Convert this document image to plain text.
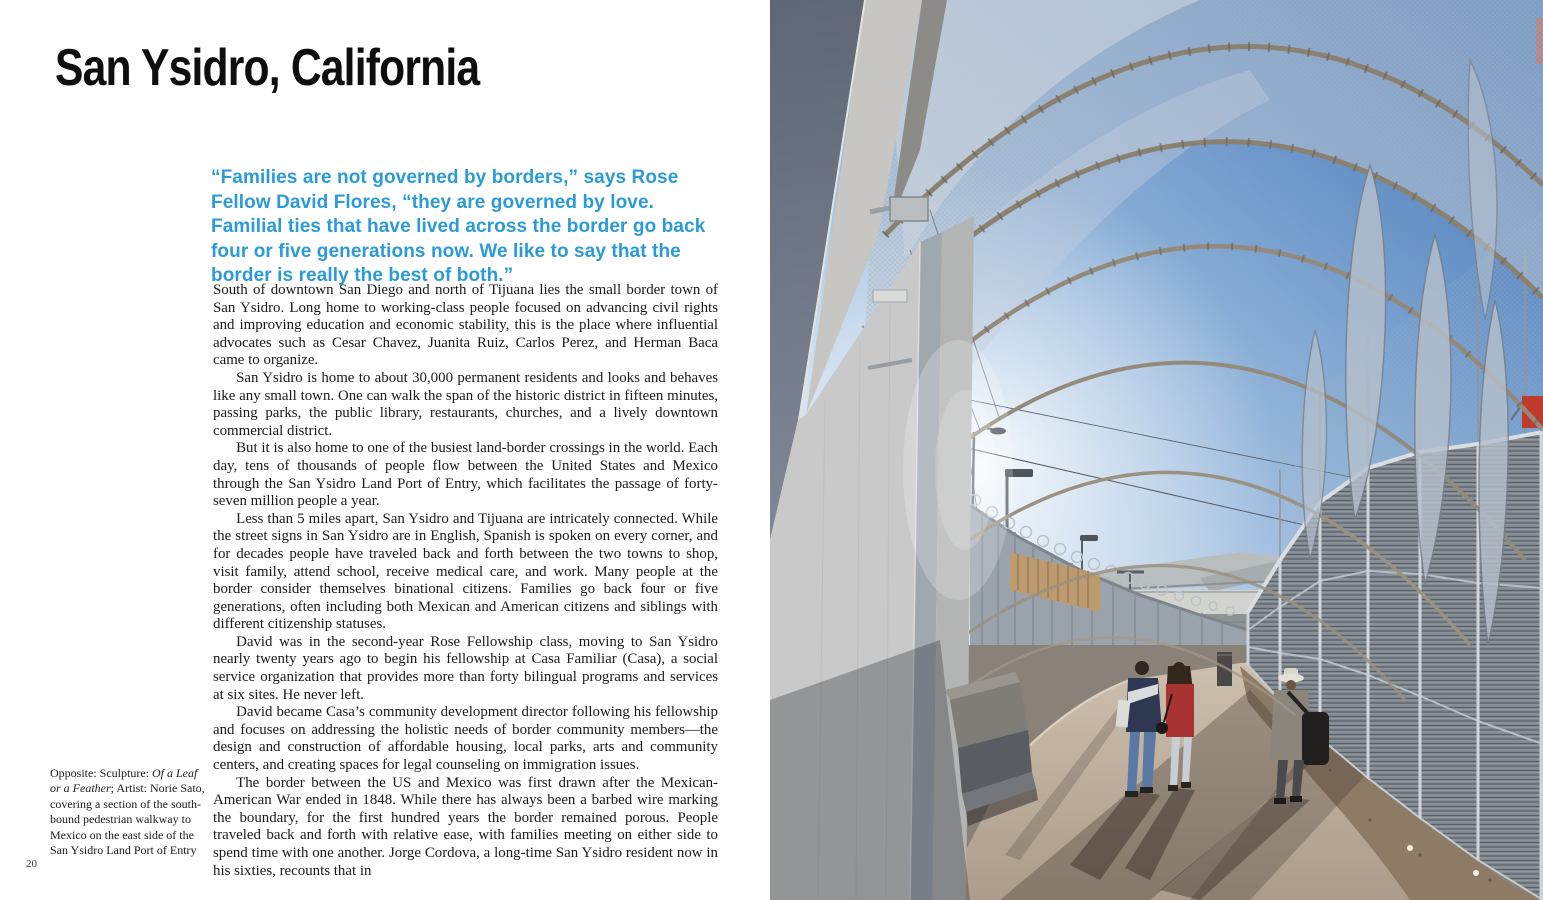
San Ysidro, California

“Families are not governed by borders,” says Rose Fellow David Flores, “they are governed by love. Familial ties that have lived across the border go back four or five generations now. We like to say that the border is really the best of both.”

South of downtown San Diego and north of Tijuana lies the small border town of San Ysidro. Long home to working-class people focused on advancing civil rights and improving education and economic stability, this is the place where influential advocates such as Cesar Chavez, Juanita Ruiz, Carlos Perez, and Herman Baca came to organize.

San Ysidro is home to about 30,000 permanent residents and looks and behaves like any small town. One can walk the span of the historic district in fifteen minutes, passing parks, the public library, restaurants, churches, and a lively downtown commercial district.

But it is also home to one of the busiest land-border crossings in the world. Each day, tens of thousands of people flow between the United States and Mexico through the San Ysidro Land Port of Entry, which facilitates the passage of forty-seven million people a year.

Less than 5 miles apart, San Ysidro and Tijuana are intricately connected. While the street signs in San Ysidro are in English, Spanish is spoken on every corner, and for decades people have traveled back and forth between the two towns to shop, visit family, attend school, receive medical care, and work. Many people at the border consider themselves binational citizens. Families go back four or five generations, often including both Mexican and American citizens and siblings with different citizenship statuses.

David was in the second-year Rose Fellowship class, moving to San Ysidro nearly twenty years ago to begin his fellowship at Casa Familiar (Casa), a social service organization that provides more than forty bilingual programs and services at six sites. He never left.

David became Casa’s community development director following his fellowship and focuses on addressing the holistic needs of border community members—the design and construction of affordable housing, local parks, arts and community centers, and creating spaces for legal counseling on immigration issues.

The border between the US and Mexico was first drawn after the Mexican-American War ended in 1848. While there has always been a barbed wire marking the boundary, for the first hundred years the border remained porous. People traveled back and forth with relative ease, with families meeting on either side to spend time with one another. Jorge Cordova, a long-time San Ysidro resident now in his sixties, recounts that in

Opposite: Sculpture: Of a Leaf or a Feather; Artist: Norie Sato, covering a section of the south-bound pedestrian walkway to Mexico on the east side of the San Ysidro Land Port of Entry
20
